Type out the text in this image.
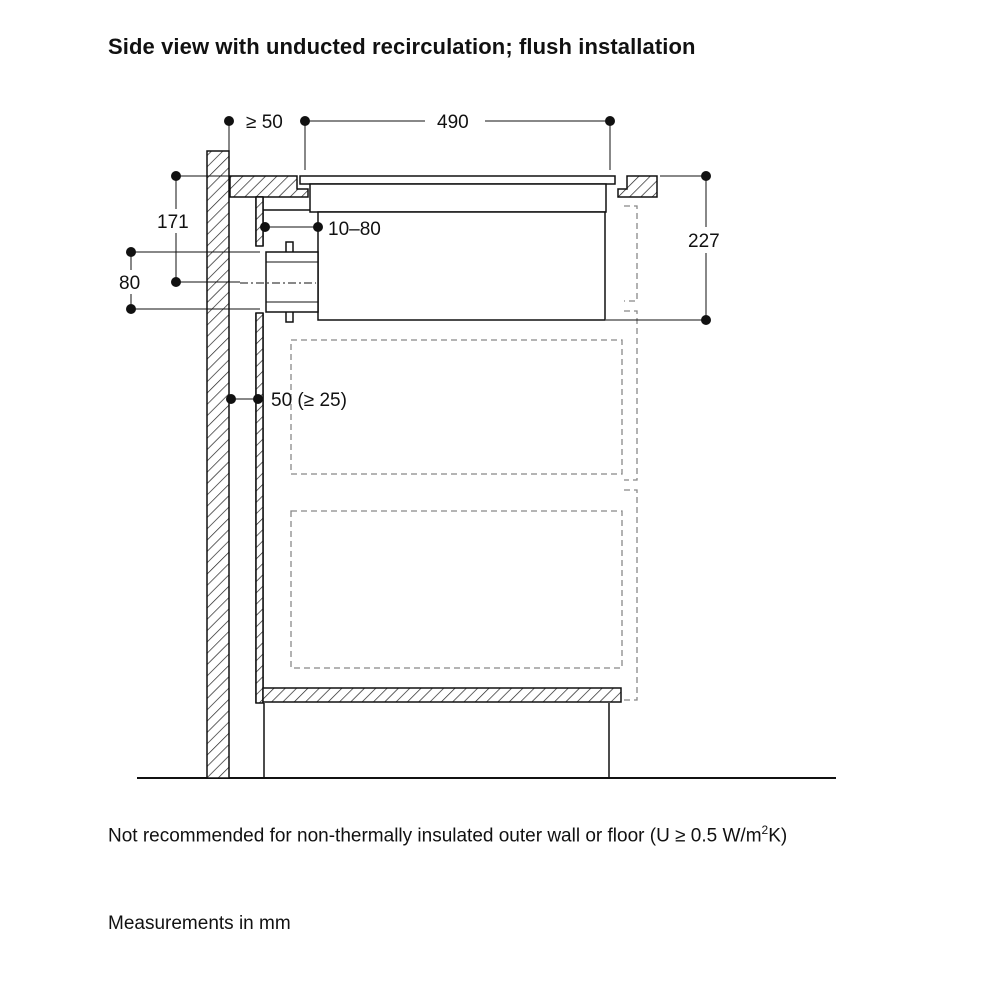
Side view with unducted recirculation; flush installation
≥ 50	490
171	10–80
80
227
50 (≥ 25)
Not recommended for non-thermally insulated outer wall or floor (U ≥ 0.5 $W/m^2K$)
Measurements in mm
